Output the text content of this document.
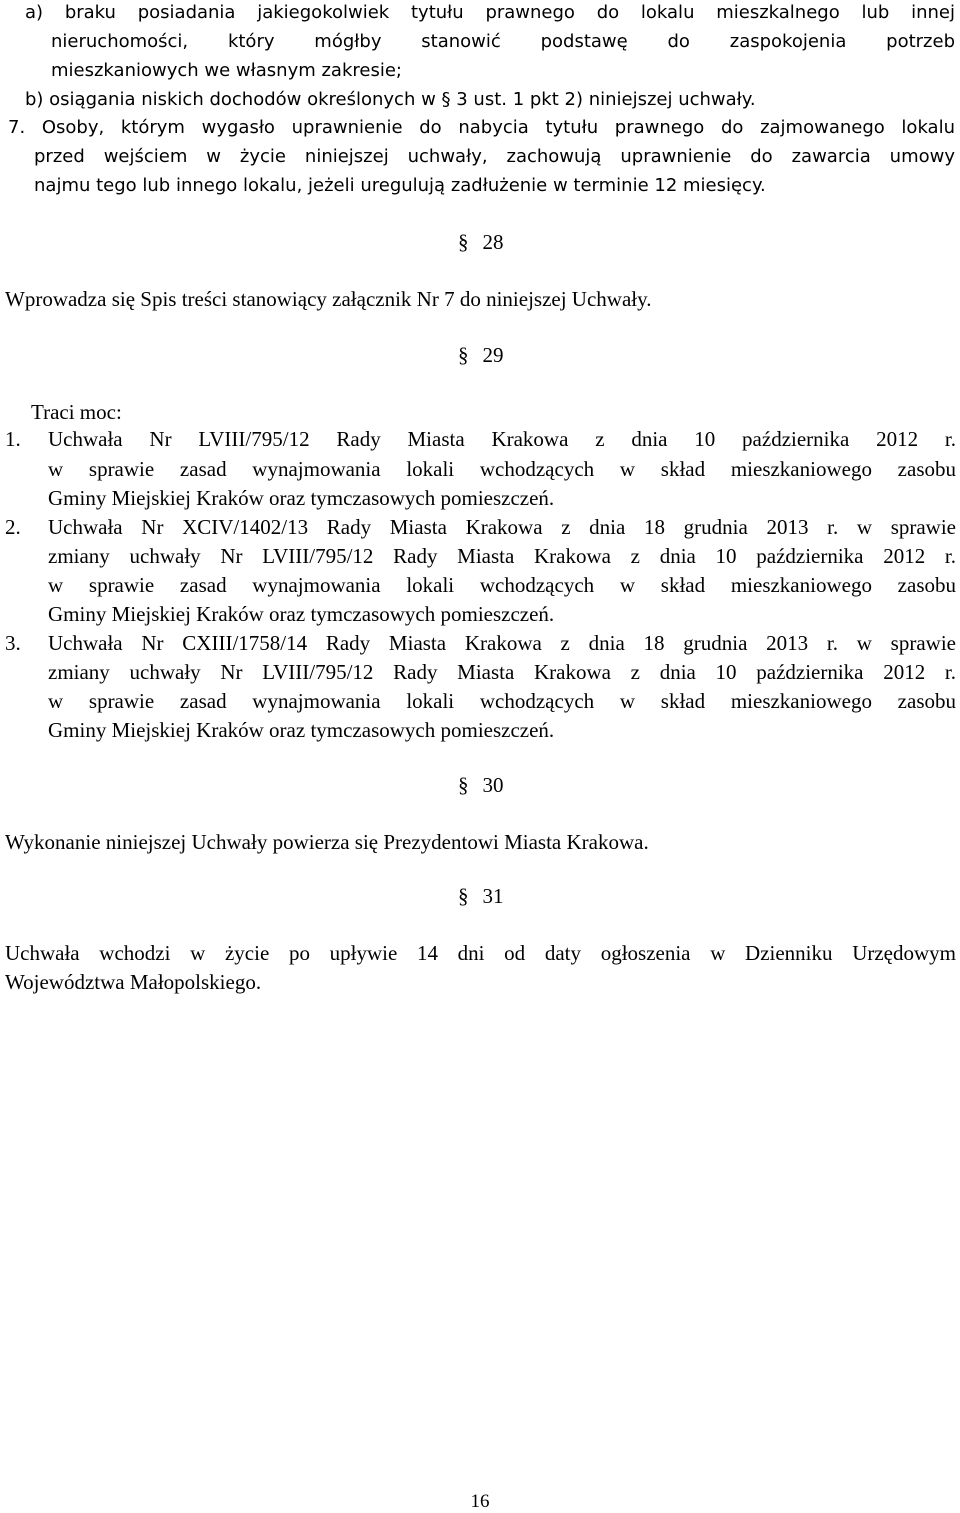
a) braku posiadania jakiegokolwiek tytułu prawnego do lokalu mieszkalnego lub innej
nieruchomości, który mógłby stanowić podstawę do zaspokojenia potrzeb
mieszkaniowych we własnym zakresie;
b) osiągania niskich dochodów określonych w § 3 ust. 1 pkt 2) niniejszej uchwały.
7. Osoby, którym wygasło uprawnienie do nabycia tytułu prawnego do zajmowanego lokalu
przed wejściem w życie niniejszej uchwały, zachowują uprawnienie do zawarcia umowy
najmu tego lub innego lokalu, jeżeli uregulują zadłużenie w terminie 12 miesięcy.
§ 28
Wprowadza się Spis treści stanowiący załącznik Nr 7 do niniejszej Uchwały.
§ 29
Traci moc:
1. Uchwała Nr LVIII/795/12 Rady Miasta Krakowa z dnia 10 października 2012 r.
w sprawie zasad wynajmowania lokali wchodzących w skład mieszkaniowego zasobu
Gminy Miejskiej Kraków oraz tymczasowych pomieszczeń.
2. Uchwała Nr XCIV/1402/13 Rady Miasta Krakowa z dnia 18 grudnia 2013 r. w sprawie
zmiany uchwały Nr LVIII/795/12 Rady Miasta Krakowa z dnia 10 października 2012 r.
w sprawie zasad wynajmowania lokali wchodzących w skład mieszkaniowego zasobu
Gminy Miejskiej Kraków oraz tymczasowych pomieszczeń.
3. Uchwała Nr CXIII/1758/14 Rady Miasta Krakowa z dnia 18 grudnia 2013 r. w sprawie
zmiany uchwały Nr LVIII/795/12 Rady Miasta Krakowa z dnia 10 października 2012 r.
w sprawie zasad wynajmowania lokali wchodzących w skład mieszkaniowego zasobu
Gminy Miejskiej Kraków oraz tymczasowych pomieszczeń.
§ 30
Wykonanie niniejszej Uchwały powierza się Prezydentowi Miasta Krakowa.
§ 31
Uchwała wchodzi w życie po upływie 14 dni od daty ogłoszenia w Dzienniku Urzędowym
Województwa Małopolskiego.
16
